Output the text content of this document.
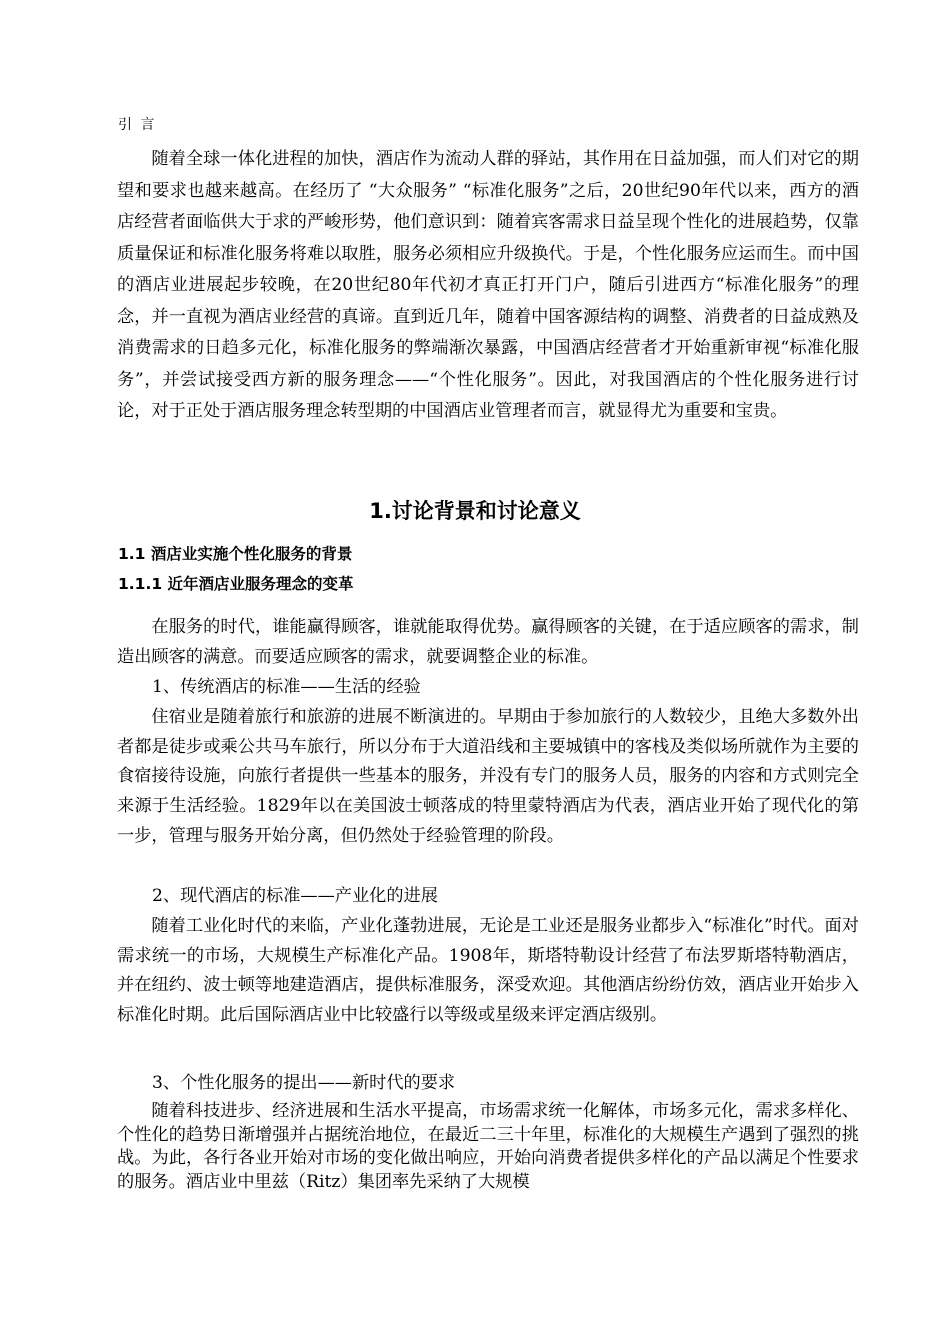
引 言

随着全球一体化进程的加快，酒店作为流动人群的驿站，其作用在日益加强，而人们对它的期望和要求也越来越高。在经历了 “大众服务” “标准化服务”之后，20世纪90年代以来，西方的酒店经营者面临供大于求的严峻形势，他们意识到：随着宾客需求日益呈现个性化的进展趋势，仅靠质量保证和标准化服务将难以取胜，服务必须相应升级换代。于是，个性化服务应运而生。而中国的酒店业进展起步较晚，在20世纪80年代初才真正打开门户，随后引进西方“标准化服务”的理念，并一直视为酒店业经营的真谛。直到近几年，随着中国客源结构的调整、消费者的日益成熟及消费需求的日趋多元化，标准化服务的弊端渐次暴露，中国酒店经营者才开始重新审视“标准化服务”，并尝试接受西方新的服务理念——“个性化服务”。因此，对我国酒店的个性化服务进行讨论，对于正处于酒店服务理念转型期的中国酒店业管理者而言，就显得尤为重要和宝贵。

1.讨论背景和讨论意义
1.1 酒店业实施个性化服务的背景
1.1.1 近年酒店业服务理念的变革

在服务的时代，谁能赢得顾客，谁就能取得优势。赢得顾客的关键，在于适应顾客的需求，制造出顾客的满意。而要适应顾客的需求，就要调整企业的标准。

1、传统酒店的标准——生活的经验

住宿业是随着旅行和旅游的进展不断演进的。早期由于参加旅行的人数较少，且绝大多数外出者都是徒步或乘公共马车旅行，所以分布于大道沿线和主要城镇中的客栈及类似场所就作为主要的食宿接待设施，向旅行者提供一些基本的服务，并没有专门的服务人员，服务的内容和方式则完全来源于生活经验。1829年以在美国波士顿落成的特里蒙特酒店为代表，酒店业开始了现代化的第一步，管理与服务开始分离，但仍然处于经验管理的阶段。

2、现代酒店的标准——产业化的进展

随着工业化时代的来临，产业化蓬勃进展，无论是工业还是服务业都步入“标准化”时代。面对需求统一的市场，大规模生产标准化产品。1908年，斯塔特勒设计经营了布法罗斯塔特勒酒店，并在纽约、波士顿等地建造酒店，提供标准服务，深受欢迎。其他酒店纷纷仿效，酒店业开始步入标准化时期。此后国际酒店业中比较盛行以等级或星级来评定酒店级别。

3、个性化服务的提出——新时代的要求

随着科技进步、经济进展和生活水平提高，市场需求统一化解体，市场多元化，需求多样化、个性化的趋势日渐增强并占据统治地位，在最近二三十年里，标准化的大规模生产遇到了强烈的挑战。为此，各行各业开始对市场的变化做出响应，开始向消费者提供多样化的产品以满足个性要求的服务。酒店业中里兹（Ritz）集团率先采纳了大规模
